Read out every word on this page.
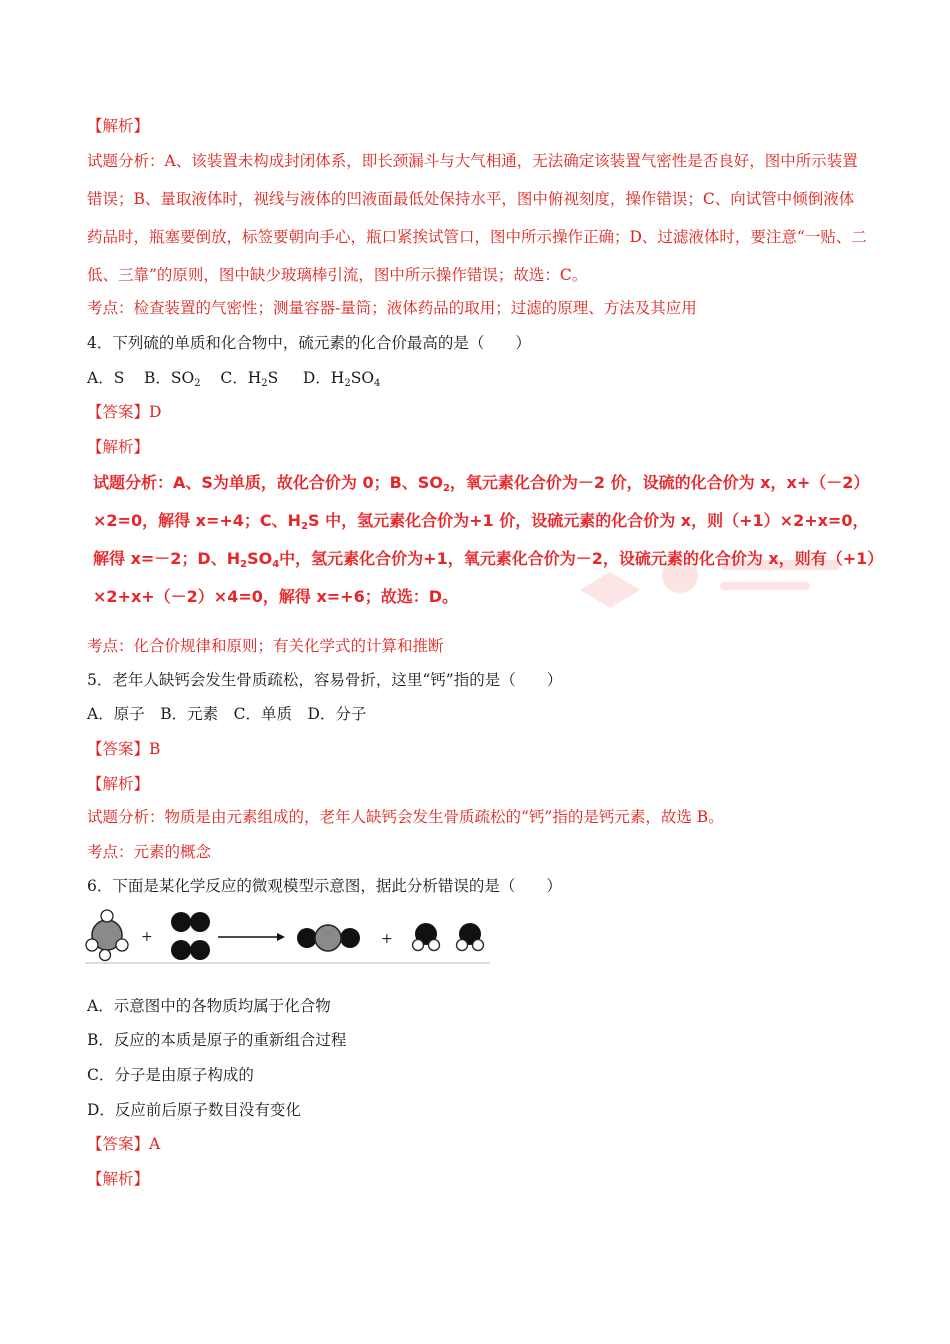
【解析】
试题分析：A、该装置未构成封闭体系，即长颈漏斗与大气相通，无法确定该装置气密性是否良好，图中所示装置错误；B、量取液体时，视线与液体的凹液面最低处保持水平，图中俯视刻度，操作错误；C、向试管中倾倒液体药品时，瓶塞要倒放，标签要朝向手心，瓶口紧挨试管口，图中所示操作正确；D、过滤液体时，要注意“一贴、二低、三靠”的原则，图中缺少玻璃棒引流，图中所示操作错误；故选：C。
考点：检查装置的气密性；测量容器-量筒；液体药品的取用；过滤的原理、方法及其应用
4．下列硫的单质和化合物中，硫元素的化合价最高的是（　　）
A．S B．$SO_2$ C．$H_2S$ D．$H_2SO_4$
【答案】D
【解析】
试题分析：A、S为单质，故化合价为 0；B、$SO_2$，氧元素化合价为－2 价，设硫的化合价为 x，x+（－2）×2=0，解得 x=+4；C、$H_2S$ 中，氢元素化合价为+1 价，设硫元素的化合价为 x，则（+1）×2+x=0，解得 x=－2；D、$H_2SO_4$中，氢元素化合价为+1，氧元素化合价为－2，设硫元素的化合价为 x，则有（+1）×2+x+（－2）×4=0，解得 x=+6；故选：D。
考点：化合价规律和原则；有关化学式的计算和推断
5．老年人缺钙会发生骨质疏松，容易骨折，这里“钙”指的是（　　）
A．原子　B．元素　C．单质　D．分子
【答案】B
【解析】
试题分析：物质是由元素组成的，老年人缺钙会发生骨质疏松的“钙”指的是钙元素，故选 B。
考点：元素的概念
6．下面是某化学反应的微观模型示意图，据此分析错误的是（　　）
+	+
A．示意图中的各物质均属于化合物
B．反应的本质是原子的重新组合过程
C．分子是由原子构成的
D．反应前后原子数目没有变化
【答案】A
【解析】
